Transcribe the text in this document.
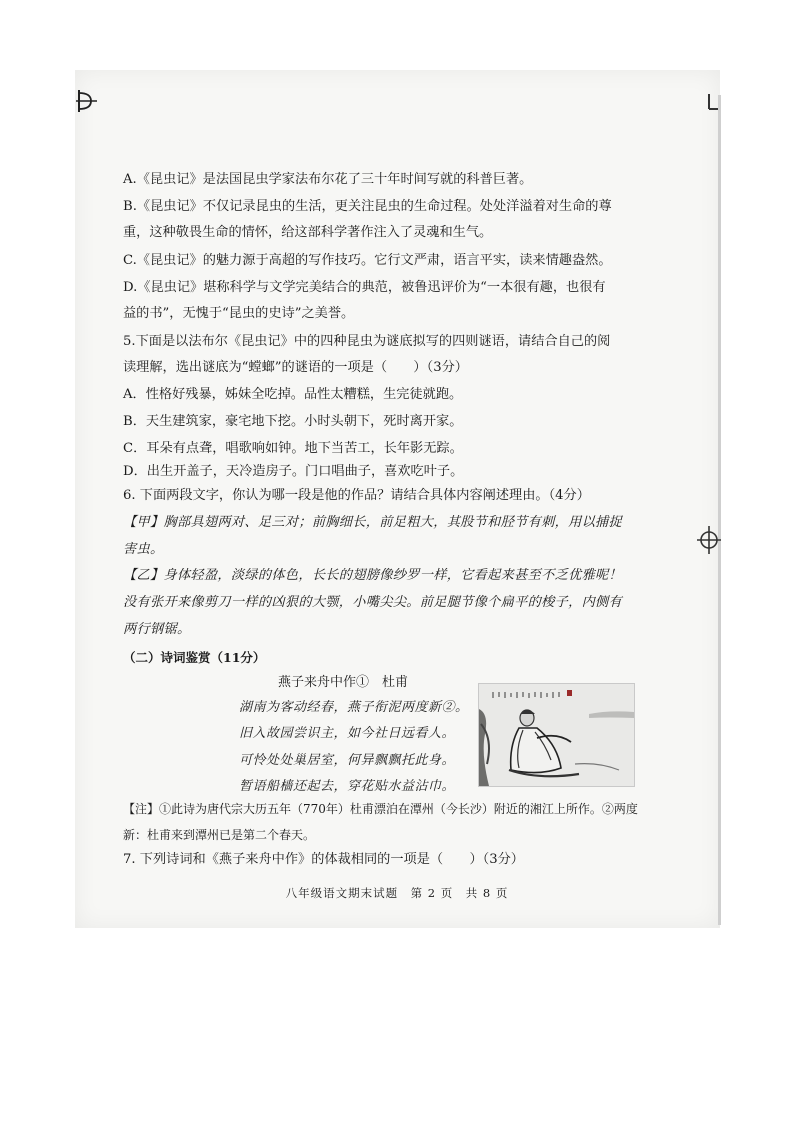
A.《昆虫记》是法国昆虫学家法布尔花了三十年时间写就的科普巨著。
B.《昆虫记》不仅记录昆虫的生活，更关注昆虫的生命过程。处处洋溢着对生命的尊
重，这种敬畏生命的情怀，给这部科学著作注入了灵魂和生气。
C.《昆虫记》的魅力源于高超的写作技巧。它行文严肃，语言平实，读来情趣盎然。
D.《昆虫记》堪称科学与文学完美结合的典范，被鲁迅评价为“一本很有趣，也很有
益的书”，无愧于“昆虫的史诗”之美誉。
5.下面是以法布尔《昆虫记》中的四种昆虫为谜底拟写的四则谜语，请结合自己的阅
读理解，选出谜底为“螳螂”的谜语的一项是（　　）（3分）
A．性格好残暴，姊妹全吃掉。品性太糟糕，生完徒就跑。
B．天生建筑家，豪宅地下挖。小时头朝下，死时离开家。
C．耳朵有点聋，唱歌响如钟。地下当苦工，长年影无踪。
D．出生开盖子，天冷造房子。门口唱曲子，喜欢吃叶子。
6. 下面两段文字，你认为哪一段是他的作品？请结合具体内容阐述理由。（4分）
【甲】胸部具翅两对、足三对；前胸细长，前足粗大，其股节和胫节有刺，用以捕捉
害虫。
【乙】身体轻盈，淡绿的体色，长长的翅膀像纱罗一样，它看起来甚至不乏优雅呢！
没有张开来像剪刀一样的凶狠的大颚，小嘴尖尖。前足腿节像个扁平的梭子，内侧有
两行钢锯。
（二）诗词鉴赏（11分）
燕子来舟中作①　杜甫
湖南为客动经春，燕子衔泥两度新②。
旧入故园尝识主，如今社日远看人。
可怜处处巢居室，何异飘飘托此身。
暂语船樯还起去，穿花贴水益沾巾。
【注】①此诗为唐代宗大历五年（770年）杜甫漂泊在潭州（今长沙）附近的湘江上所作。②两度
新：杜甫来到潭州已是第二个春天。
7. 下列诗词和《燕子来舟中作》的体裁相同的一项是（　　）（3分）
八年级语文期末试题　第 2 页　共 8 页
